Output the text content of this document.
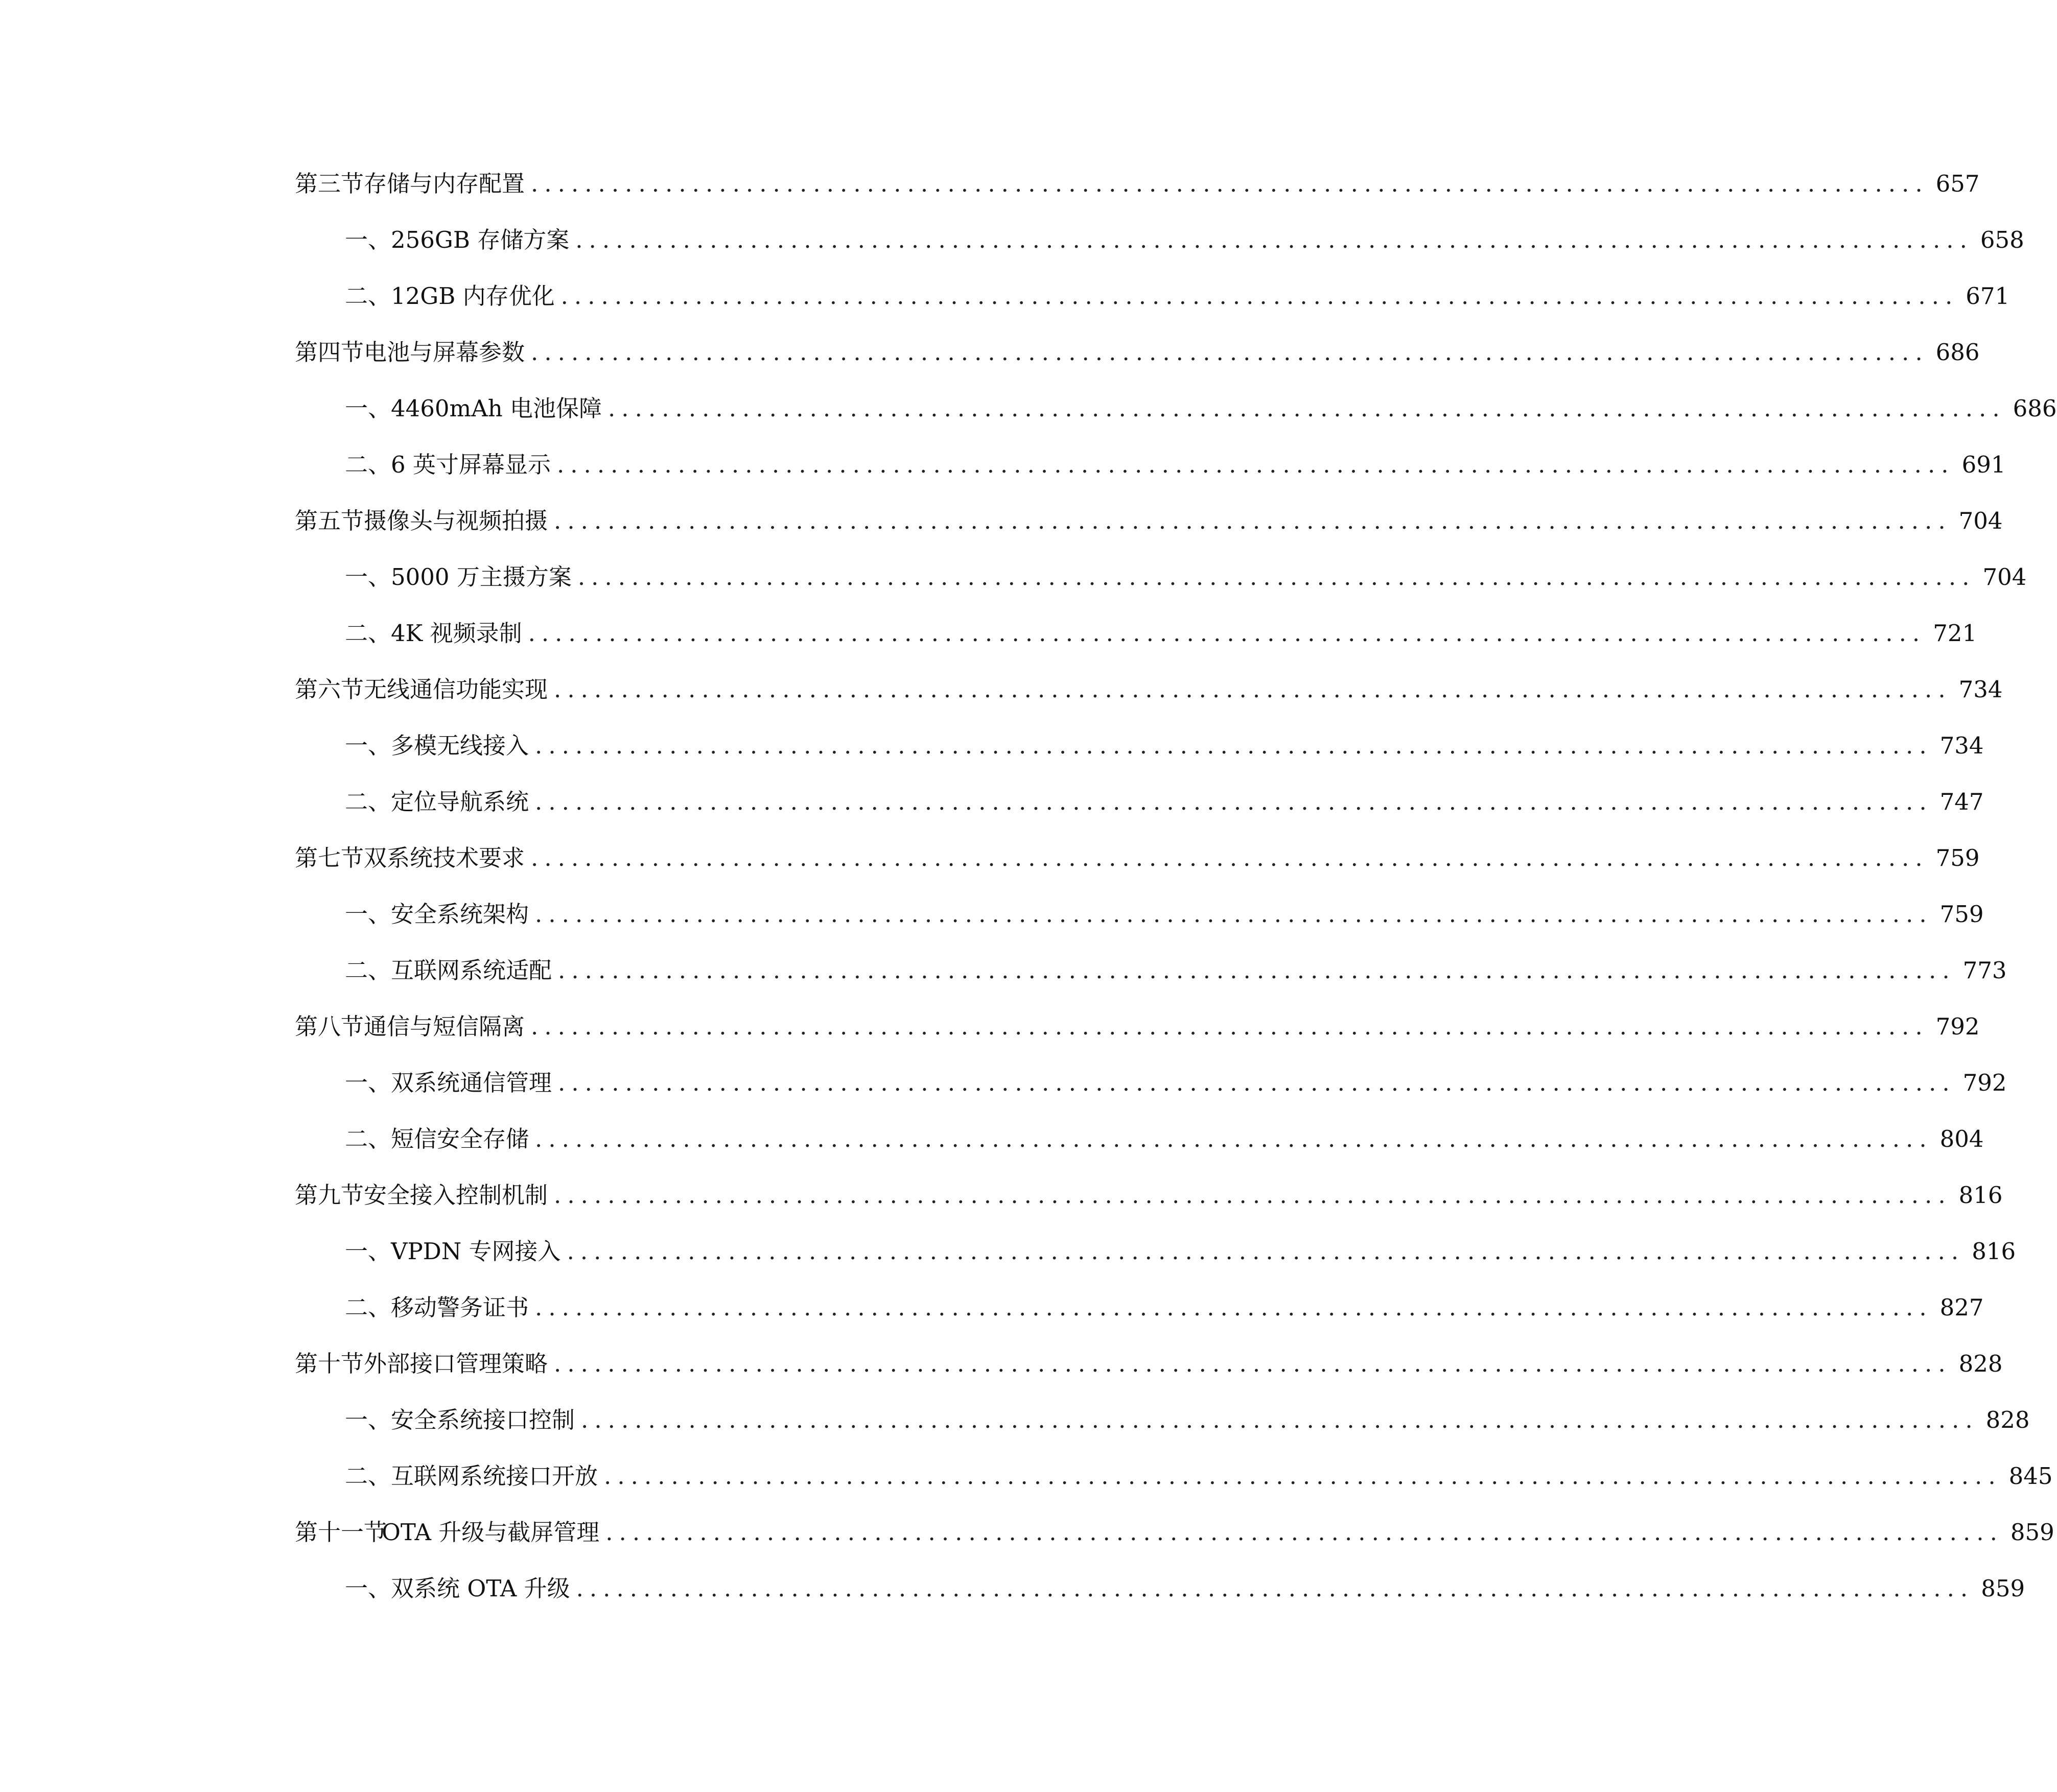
第三节 存储与内存配置 ........................................................................................................ 657
一、 256GB 存储方案 ........................................................................................................ 658
二、 12GB 内存优化 ........................................................................................................ 671
第四节 电池与屏幕参数 ........................................................................................................ 686
一、 4460mAh 电池保障 ........................................................................................................ 686
二、 6 英寸屏幕显示 ........................................................................................................ 691
第五节 摄像头与视频拍摄 ........................................................................................................ 704
一、 5000 万主摄方案 ........................................................................................................ 704
二、 4K 视频录制 ........................................................................................................ 721
第六节 无线通信功能实现 ........................................................................................................ 734
一、 多模无线接入 ........................................................................................................ 734
二、 定位导航系统 ........................................................................................................ 747
第七节 双系统技术要求 ........................................................................................................ 759
一、 安全系统架构 ........................................................................................................ 759
二、 互联网系统适配 ........................................................................................................ 773
第八节 通信与短信隔离 ........................................................................................................ 792
一、 双系统通信管理 ........................................................................................................ 792
二、 短信安全存储 ........................................................................................................ 804
第九节 安全接入控制机制 ........................................................................................................ 816
一、 VPDN 专网接入 ........................................................................................................ 816
二、 移动警务证书 ........................................................................................................ 827
第十节 外部接口管理策略 ........................................................................................................ 828
一、 安全系统接口控制 ........................................................................................................ 828
二、 互联网系统接口开放 ........................................................................................................ 845
第十一节
OTA 升级与截屏管理 ........................................................................................................ 859
一、 双系统 OTA 升级 ........................................................................................................ 859
